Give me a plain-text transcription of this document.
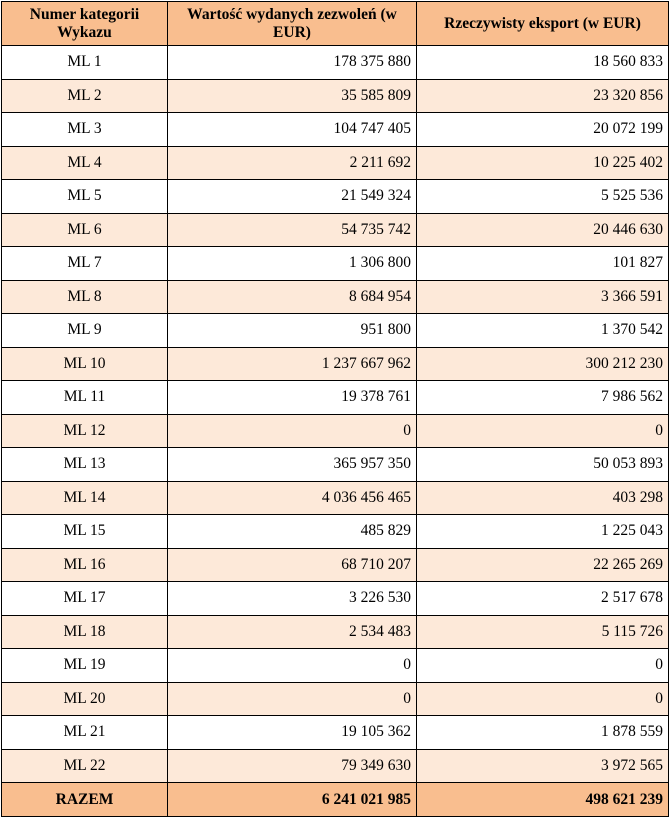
Numer kategorii Wykazu	Wartość wydanych zezwoleń (w EUR)	Rzeczywisty eksport (w EUR)
ML 1	178 375 880	18 560 833
ML 2	35 585 809	23 320 856
ML 3	104 747 405	20 072 199
ML 4	2 211 692	10 225 402
ML 5	21 549 324	5 525 536
ML 6	54 735 742	20 446 630
ML 7	1 306 800	101 827
ML 8	8 684 954	3 366 591
ML 9	951 800	1 370 542
ML 10	1 237 667 962	300 212 230
ML 11	19 378 761	7 986 562
ML 12	0	0
ML 13	365 957 350	50 053 893
ML 14	4 036 456 465	403 298
ML 15	485 829	1 225 043
ML 16	68 710 207	22 265 269
ML 17	3 226 530	2 517 678
ML 18	2 534 483	5 115 726
ML 19	0	0
ML 20	0	0
ML 21	19 105 362	1 878 559
ML 22	79 349 630	3 972 565
RAZEM	6 241 021 985	498 621 239
